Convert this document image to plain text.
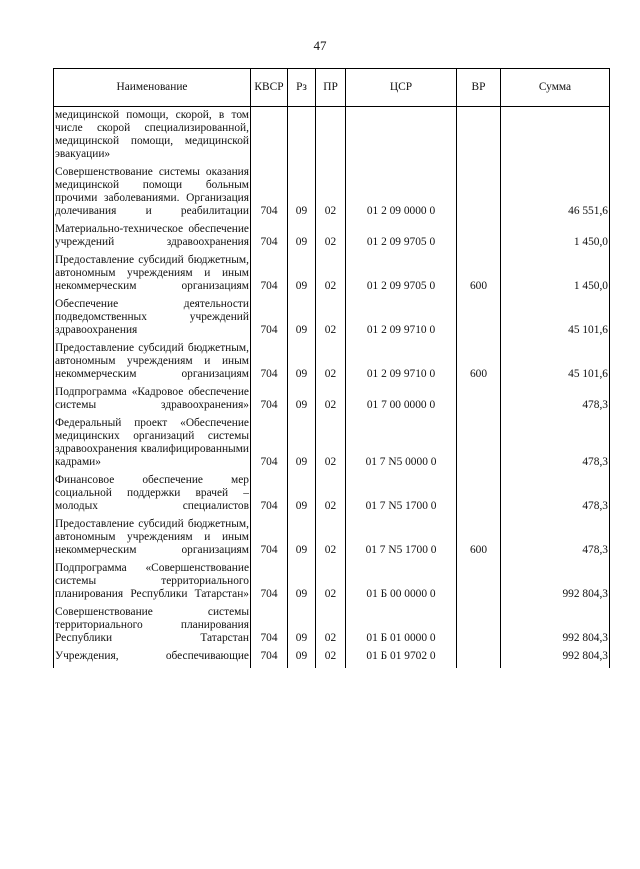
47
Наименование	КВСР	Рз	ПР	ЦСР	ВР	Сумма
медицинской помощи, скорой, в том числе скорой специализированной, медицинской помощи, медицинской эвакуации»						
Совершенствование системы оказания медицинской помощи больным прочими заболеваниями. Организация долечивания и реабилитации	704	09	02	01 2 09 0000 0		46 551,6
Материально-техническое обеспечение учреждений здравоохранения	704	09	02	01 2 09 9705 0		1 450,0
Предоставление субсидий бюджетным, автономным учреждениям и иным некоммерческим организациям	704	09	02	01 2 09 9705 0	600	1 450,0
Обеспечение деятельности подведомственных учреждений здравоохранения	704	09	02	01 2 09 9710 0		45 101,6
Предоставление субсидий бюджетным, автономным учреждениям и иным некоммерческим организациям	704	09	02	01 2 09 9710 0	600	45 101,6
Подпрограмма «Кадровое обеспечение системы здравоохранения»	704	09	02	01 7 00 0000 0		478,3
Федеральный проект «Обеспечение медицинских организаций системы здравоохранения квалифицированными кадрами»	704	09	02	01 7 N5 0000 0		478,3
Финансовое обеспечение мер социальной поддержки врачей – молодых специалистов	704	09	02	01 7 N5 1700 0		478,3
Предоставление субсидий бюджетным, автономным учреждениям и иным некоммерческим организациям	704	09	02	01 7 N5 1700 0	600	478,3
Подпрограмма «Совершенствование системы территориального планирования Республики Татарстан»	704	09	02	01 Б 00 0000 0		992 804,3
Совершенствование системы территориального планирования Республики Татарстан	704	09	02	01 Б 01 0000 0		992 804,3
Учреждения, обеспечивающие	704	09	02	01 Б 01 9702 0		992 804,3
